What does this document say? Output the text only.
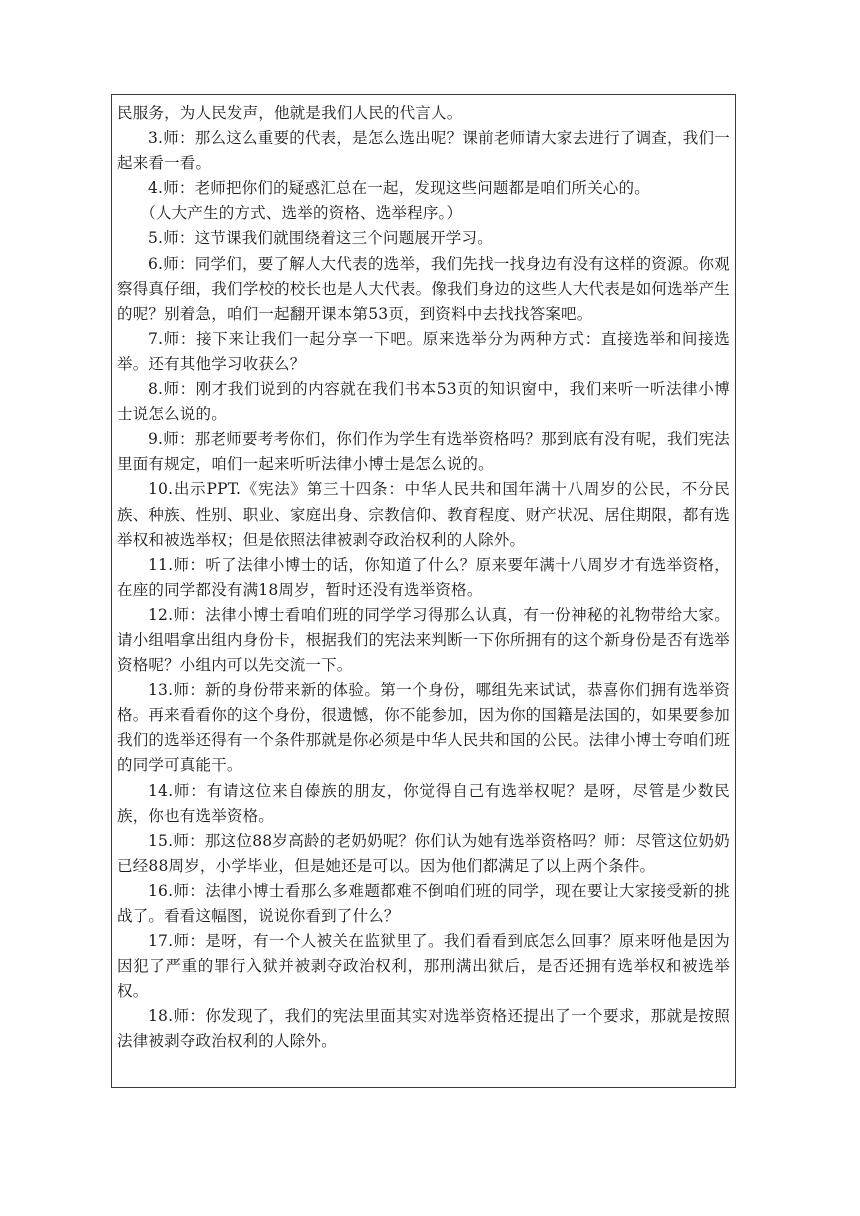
民服务，为人民发声，他就是我们人民的代言人。

3.师：那么这么重要的代表，是怎么选出呢？课前老师请大家去进行了调查，我们一起来看一看。

4.师：老师把你们的疑惑汇总在一起，发现这些问题都是咱们所关心的。

（人大产生的方式、选举的资格、选举程序。）

5.师：这节课我们就围绕着这三个问题展开学习。

6.师：同学们，要了解人大代表的选举，我们先找一找身边有没有这样的资源。你观察得真仔细，我们学校的校长也是人大代表。像我们身边的这些人大代表是如何选举产生的呢？别着急，咱们一起翻开课本第53页，到资料中去找找答案吧。

7.师：接下来让我们一起分享一下吧。原来选举分为两种方式：直接选举和间接选举。还有其他学习收获么？

8.师：刚才我们说到的内容就在我们书本53页的知识窗中，我们来听一听法律小博士说怎么说的。

9.师：那老师要考考你们，你们作为学生有选举资格吗？那到底有没有呢，我们宪法里面有规定，咱们一起来听听法律小博士是怎么说的。

10.出示PPT.《宪法》第三十四条：中华人民共和国年满十八周岁的公民，不分民族、种族、性别、职业、家庭出身、宗教信仰、教育程度、财产状况、居住期限，都有选举权和被选举权；但是依照法律被剥夺政治权利的人除外。

11.师：听了法律小博士的话，你知道了什么？原来要年满十八周岁才有选举资格，在座的同学都没有满18周岁，暂时还没有选举资格。

12.师：法律小博士看咱们班的同学学习得那么认真，有一份神秘的礼物带给大家。请小组唱拿出组内身份卡，根据我们的宪法来判断一下你所拥有的这个新身份是否有选举资格呢？小组内可以先交流一下。

13.师：新的身份带来新的体验。第一个身份，哪组先来试试，恭喜你们拥有选举资格。再来看看你的这个身份，很遗憾，你不能参加，因为你的国籍是法国的，如果要参加我们的选举还得有一个条件那就是你必须是中华人民共和国的公民。法律小博士夸咱们班的同学可真能干。

14.师：有请这位来自傣族的朋友，你觉得自己有选举权呢？是呀，尽管是少数民族，你也有选举资格。

15.师：那这位88岁高龄的老奶奶呢？你们认为她有选举资格吗？师：尽管这位奶奶已经88周岁，小学毕业，但是她还是可以。因为他们都满足了以上两个条件。

16.师：法律小博士看那么多难题都难不倒咱们班的同学，现在要让大家接受新的挑战了。看看这幅图，说说你看到了什么？

17.师：是呀，有一个人被关在监狱里了。我们看看到底怎么回事？原来呀他是因为因犯了严重的罪行入狱并被剥夺政治权利，那刑满出狱后，是否还拥有选举权和被选举权。

18.师：你发现了，我们的宪法里面其实对选举资格还提出了一个要求，那就是按照法律被剥夺政治权利的人除外。
